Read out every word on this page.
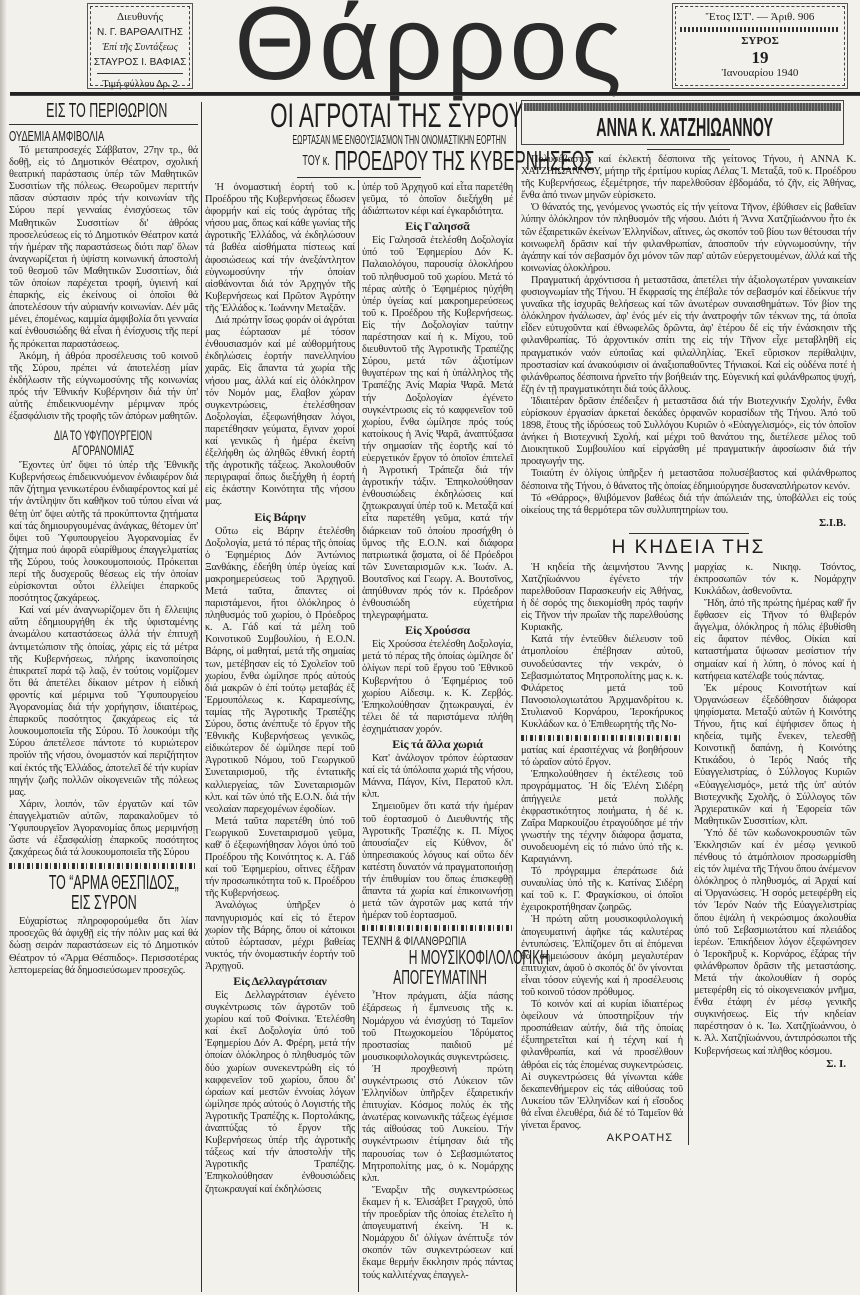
Διευθυνής
Ν. Γ. ΒΑΡΘΑΛΙΤΗΣ
Ἐπί τῆς Συντάξεως
ΣΤΑΥΡΟΣ Ι. ΒΑΦΙΑΣ
Τιμή φύλλου Δρ. 2 Θάρρος	Ἔτος ΙΣΤ'. — Ἀριθ. 906
ΣΥΡΟΣ
19
Ἰανουαρίου 1940
ΕΙΣ ΤΟ ΠΕΡΙΘΩΡΙΟΝ
ΟΥΔΕΜΙΑ ΑΜΦΙΒΟΛΙΑ

Τό μεταπροσεχές Σάββατον, 27ην τρ., θά δοθῇ, εἰς τό Δημοτικόν Θέατρον, σχολική θεατρική παράστασις ὑπέρ τῶν Μαθητικῶν Συσσιτίων τῆς πόλεως. Θεωροῦμεν περιττήν πᾶσαν σύστασιν πρός τήν κοινωνίαν τῆς Σύρου περί γενναίας ἐνισχύσεως τῶν Μαθητικῶν Συσσιτίων δι' ἀθρόας προσελεύσεως εἰς τό Δημοτικόν Θέατρον κατά τήν ἡμέραν τῆς παραστάσεως διότι παρ' ὅλων ἀναγνωρίζεται ἡ ὑψίστη κοινωνική ἀποστολή τοῦ θεσμοῦ τῶν Μαθητικῶν Συσσιτίων, διά τῶν ὁποίων παρέχεται τροφή, ὑγιεινή καί ἐπαρκής, εἰς ἐκείνους οἱ ὁποῖοι θά ἀποτελέσουν τήν αὐριανήν κοινωνίαν. Δέν μᾶς μένει, ἐπομένως, καμμία ἀμφιβολία ὅτι γενναία καί ἐνθουσιώδης θά εἶναι ἡ ἐνίσχυσις τῆς περί ἧς πρόκειται παραστάσεως.

Ἀκόμη, ἡ ἀθρόα προσέλευσις τοῦ κοινοῦ τῆς Σύρου, πρέπει νά ἀποτελέσῃ μίαν ἐκδήλωσιν τῆς εὐγνωμοσύνης τῆς κοινωνίας πρός τήν Ἐθνικήν Κυβέρνησιν διά τήν ὑπ' αὐτῆς ἐπιδεικνυομένην μέριμναν πρός ἐξασφάλισιν τῆς τροφῆς τῶν ἀπόρων μαθητῶν.

ΔΙΑ ΤΟ ΥΦΥΠΟΥΡΓΕΙΟΝ
ΑΓΟΡΑΝΟΜΙΑΣ

Ἔχοντες ὑπ' ὄψει τό ὑπέρ τῆς Ἐθνικῆς Κυβερνήσεως ἐπιδεικνυόμενον ἐνδιαφέρον διά πᾶν ζήτημα γενικωτέρου ἐνδιαφέροντος καί μέ τήν ἀντίληψιν ὅτι καθῆκον τοῦ τύπου εἶναι νά θέτῃ ὑπ' ὄψει αὐτῆς τά προκύπτοντα ζητήματα καί τάς δημιουργουμένας ἀνάγκας, θέτομεν ὑπ' ὄψει τοῦ Ὑφυπουργείου Ἀγορανομίας ἕν ζήτημα πού ἀφορᾶ εὐαρίθμους ἐπαγγελματίας τῆς Σύρου, τούς λουκουμοποιούς. Πρόκειται περί τῆς δυσχεροῦς θέσεως εἰς τήν ὁποίαν εὑρίσκονται οὗτοι ἐλλείψει ἐπαρκοῦς ποσότητος ζακχάρεως.

Καί ναί μέν ἀναγνωρίζομεν ὅτι ἡ ἔλλειψις αὕτη ἐδημιουργήθη ἐκ τῆς ὑφισταμένης ἀνωμάλου καταστάσεως ἀλλά τήν ἐπιτυχῆ ἀντιμετώπισιν τῆς ὁποίας, χάρις εἰς τά μέτρα τῆς Κυβερνήσεως, πλήρης ἱκανοποίησις ἐπικρατεῖ παρά τῷ λαῷ, ἐν τούτοις νομίζομεν ὅτι θά ἀπετέλει δίκαιον μέτρον ἡ εἰδική φροντίς καί μέριμνα τοῦ Ὑφυπουργείου Ἀγορανομίας διά τήν χορήγησιν, ἰδιαιτέρως, ἐπαρκοῦς ποσότητος ζακχάρεως εἰς τά λουκουμοποιεῖα τῆς Σύρου. Τό λουκούμι τῆς Σύρου ἀπετέλεσε πάντοτε τό κυριώτερον προϊόν τῆς νήσου, ὀνομαστόν καί περιζήτητον καί ἐκτός τῆς Ἑλλάδος, ἀποτελεῖ δέ τήν κυρίαν πηγήν ζωῆς πολλῶν οἰκογενειῶν τῆς πόλεως μας.

Χάριν, λοιπόν, τῶν ἐργατῶν καί τῶν ἐπαγγελματιῶν αὐτῶν, παρακαλοῦμεν τό Ὑφυπουργεῖον Ἀγορανομίας ὅπως μεριμνήσῃ ὥστε νά ἐξασφαλίσῃ ἐπαρκοῦς ποσότητος ζακχάρεως διά τά λουκουμοποιεῖα τῆς Σύρου

ΤΟ “ΑΡΜΑ ΘΕΣΠΙΔΟΣ„
ΕΙΣ ΣΥΡΟΝ

Εὐχαρίστως πληροφορούμεθα ὅτι λίαν προσεχῶς θά ἀφιχθῇ εἰς τήν πόλιν μας καί θά δώσῃ σειράν παραστάσεων εἰς τό Δημοτικόν Θέατρον τό «Ἅρμα Θέσπιδος». Περισσοτέρας λεπτομερείας θά δημοσιεύσωμεν προσεχῶς.

ΟΙ ΑΓΡΟΤΑΙ ΤΗΣ ΣΥΡΟΥ
ΕΩΡΤΑΣΑΝ ΜΕ ΕΝΘΟΥΣΙΑΣΜΟΝ ΤΗΝ ΟΝΟΜΑΣΤΙΚΗΝ ΕΟΡΤΗΝ
$^{TO\Upsilon \kappa.}$ ΠΡΟΕΔΡΟΥ ΤΗΣ ΚΥΒΕΡΝΗΣΕΩΣ

Ἡ ὀνομαστική ἑορτή τοῦ κ. Προέδρου τῆς Κυβερνήσεως ἔδωσεν ἀφορμήν καί εἰς τούς ἀγρότας τῆς νήσου μας, ὅπως καί κάθε γωνίας τῆς ἀγροτικῆς Ἑλλάδος, νά ἐκδηλώσουν τά βαθέα αἰσθήματα πίστεως καί ἀφοσιώσεως καί τήν ἀνεξάντλητον εὐγνωμοσύνην τήν ὁποίαν αἰσθάνονται διά τόν Ἀρχηγόν τῆς Κυβερνήσεως καί Πρῶτον Ἀγρότην τῆς Ἑλλάδος κ. Ἰωάννην Μεταξᾶν.

Διά πρώτην ἴσως φοράν οἱ ἀγρόται μας ἑώρτασαν μέ τόσον ἐνθουσιασμόν καί μέ αὐθορμήτους ἐκδηλώσεις ἑορτήν πανελληνίου χαρᾶς. Εἰς ἅπαντα τά χωρία τῆς νήσου μας, ἀλλά καί εἰς ὁλόκληρον τόν Νομόν μας, ἔλαβον χώραν συγκεντρώσεις, ἐτελέσθησαν Δοξολογίαι, ἐξεφωνήθησαν λόγοι, παρετέθησαν γεύματα, ἔγιναν χοροί καί γενικῶς ἡ ἡμέρα ἐκείνη ἐξελήφθη ὡς ἀληθῶς ἐθνική ἑορτή τῆς ἀγροτικῆς τάξεως. Ἀκολουθοῦν περιγραφαί ὅπως διεξήχθη ἡ ἑορτή εἰς ἑκάστην Κοινότητα τῆς νήσου μας.

Εἰς Βάρην

Οὕτω εἰς Βάρην ἐτελέσθη Δοξολογία, μετά τό πέρας τῆς ὁποίας ὁ Ἐφημέριος Δόν Ἀντώνιος Ξανθάκης, ἐδεήθη ὑπέρ ὑγείας καί μακροημερεύσεως τοῦ Ἀρχηγοῦ. Μετά ταῦτα, ἅπαντες οἱ παριστάμενοι, ἤτοι ὁλόκληρος ὁ πληθυσμός τοῦ χωρίου, ὁ Πρόεδρος κ. Α. Γάδ καί τά μέλη τοῦ Κοινοτικοῦ Συμβουλίου, ἡ Ε.Ο.Ν. Βάρης, οἱ μαθηταί, μετά τῆς σημαίας των, μετέβησαν εἰς τό Σχολεῖον τοῦ χωρίου, ἔνθα ὡμίλησε πρός αὐτούς διά μακρῶν ὁ ἐπί τούτῳ μεταβάς ἐξ Ἑρμουπόλεως κ. Καραμεσίνης, ταμίας τῆς Ἀγροτικῆς Τραπέζης Σύρου, ὅστις ἀνέπτυξε τό ἔργον τῆς Ἐθνικῆς Κυβερνήσεως γενικῶς, εἰδικώτερον δέ ὡμίλησε περί τοῦ Ἀγροτικοῦ Νόμου, τοῦ Γεωργικοῦ Συνεταιρισμοῦ, τῆς ἐντατικῆς καλλιεργείας, τῶν Συνεταιρισμῶν κλπ. καί τῶν ὑπό τῆς Ε.Ο.Ν. διά τήν νεολαίαν παρεχομένων ἐφοδίων.

Μετά ταῦτα παρετέθη ὑπό τοῦ Γεωργικοῦ Συνεταιρισμοῦ γεῦμα, καθ' ὅ ἐξεφωνήθησαν λόγοι ὑπό τοῦ Προέδρου τῆς Κοινότητος κ. Α. Γάδ καί τοῦ Ἐφημερίου, οἵτινες ἐξῆραν τήν προσωπικότητα τοῦ κ. Προέδρου τῆς Κυβερνήσεως.

Ἀναλόγως ὑπῆρξεν ὁ πανηγυρισμός καί εἰς τό ἕτερον χωρίον τῆς Βάρης, ὅπου οἱ κάτοικοι αὐτοῦ ἑώρτασαν, μέχρι βαθείας νυκτός, τήν ὀνομαστικήν ἑορτήν τοῦ Ἀρχηγοῦ.

Εἰς Δελλαγράτσιαν

Εἰς Δελλαγράτσιαν ἐγένετο συγκέντρωσις τῶν ἀγροτῶν τοῦ χωρίου καί τοῦ Φοίνικα. Ἐτελέσθη καί ἐκεῖ Δοξολογία ὑπό τοῦ Ἐφημερίου Δόν Α. Φρέρη, μετά τήν ὁποίαν ὁλόκληρος ὁ πληθυσμός τῶν δύο χωρίων συνεκεντρώθη εἰς τό καφφενεῖον τοῦ χωρίου, ὅπου δι' ὡραίων καί μεστῶν ἐννοίας λόγων ὡμίλησε πρός αὐτούς ὁ Λογιστής τῆς Ἀγροτικῆς Τραπέζης κ. Πορτολάκης, ἀναπτύξας τό ἔργον τῆς Κυβερνήσεως ὑπέρ τῆς ἀγροτικῆς τάξεως καί τήν ἀποστολήν τῆς Ἀγροτικῆς Τραπέζης. Ἐπηκολούθησαν ἐνθουσιώδεις ζητωκραυγαί καί ἐκδηλώσεις

ὑπέρ τοῦ Ἀρχηγοῦ καί εἶτα παρετέθη γεῦμα, τό ὁποῖον διεξήχθη μέ ἀδιάπτωτον κέφι καί ἐγκαρδιότητα.

Εἰς Γαλησσᾶ

Εἰς Γαλησσᾶ ἐτελέσθη Δοξολογία ὑπό τοῦ Ἐφημερίου Δόν Κ. Παλαιολόγου, παρουσίᾳ ὁλοκλήρου τοῦ πληθυσμοῦ τοῦ χωρίου. Μετά τό πέρας αὐτῆς ὁ Ἐφημέριος ηὐχήθη ὑπέρ ὑγείας καί μακροημερεύσεως τοῦ κ. Προέδρου τῆς Κυβερνήσεως. Εἰς τήν Δοξολογίαν ταύτην παρέστησαν καί ἡ κ. Μίχου, τοῦ διευθυντοῦ τῆς Ἀγροτικῆς Τραπέζης Σύρου, μετά τῶν ἀξιοτίμων θυγατέρων της καί ἡ ὑπάλληλος τῆς Τραπέζης Ἀνίς Μαρία Ψαρᾶ. Μετά τήν Δοξολογίαν ἐγένετο συγκέντρωσις εἰς τό καφφενεῖον τοῦ χωρίου, ἔνθα ὡμίλησε πρός τούς κατοίκους ἡ Ἀνίς Ψαρᾶ, ἀναπτύξασα τήν σημασίαν τῆς ἑορτῆς καί τό εὐεργετικόν ἔργον τό ὁποῖον ἐπιτελεῖ ἡ Ἀγροτική Τράπεζα διά τήν ἀγροτικήν τάξιν. Ἐπηκολούθησαν ἐνθουσιώδεις ἐκδηλώσεις καί ζητωκραυγαί ὑπέρ τοῦ κ. Μεταξᾶ καί εἶτα παρετέθη γεῦμα, κατά τήν διάρκειαν τοῦ ὁποίου προσήχθη ὁ ὕμνος τῆς Ε.Ο.Ν. καί διάφορα πατριωτικά ᾄσματα, οἱ δέ Πρόεδροι τῶν Συνεταιρισμῶν κ.κ. Ἰωάν. Α. Βουτσῖνος καί Γεωργ. Α. Βουτσῖνος, ἀπηύθυναν πρός τόν κ. Πρόεδρον ἐνθουσιώδη εὐχετήρια τηλεγραφήματα.

Εἰς Χρούσσα

Εἰς Χρούσσα ἐτελέσθη Δοξολογία, μετά τό πέρας τῆς ὁποίας ὡμίλησε δι' ὀλίγων περί τοῦ ἔργου τοῦ Ἐθνικοῦ Κυβερνήτου ὁ Ἐφημέριος τοῦ χωρίου Αἰδεσιμ. κ. Κ. Ζερβός. Ἐπηκολούθησαν ζητωκραυγαί, ἐν τέλει δέ τά παριστάμενα πλήθη ἐσχημάτισαν χορόν.

Εἰς τά ἄλλα χωριά

Κατ' ἀνάλογον τρόπον ἑώρτασαν καί εἰς τά ὑπόλοιπα χωριά τῆς νήσου, Μάννα, Πάγον, Κίνι, Περατοῦ κλπ. κλπ.

Σημειοῦμεν ὅτι κατά τήν ἡμέραν τοῦ ἑορτασμοῦ ὁ Διευθυντής τῆς Ἀγροτικῆς Τραπέζης κ. Π. Μίχος ἀπουσίαζεν εἰς Κύθνον, δι' ὑπηρεσιακούς λόγους καί οὕτω δέν κατέστη δυνατόν νά πραγματοποιήσῃ τήν ἐπιθυμίαν του ὅπως ἐπισκεφθῇ ἅπαντα τά χωρία καί ἐπικοινωνήσῃ μετά τῶν ἀγροτῶν μας κατά τήν ἡμέραν τοῦ ἑορτασμοῦ.

ΤΕΧΝΗ & ΦΙΛΑΝΘΡΩΠΙΑ
Η ΜΟΥΣΙΚΟΦΙΛΟΛΟΓΙΚΗ
ΑΠΟΓΕΥΜΑΤΙΝΗ

Ἦτον πράγματι, ἀξία πάσης ἐξάρσεως ἡ ἔμπνευσις τῆς κ. Νομάρχου νά ἐνισχύσῃ τό Ταμεῖον τοῦ Πτωχοκομείου Ἱδρύματος προστασίας παιδιοῦ μέ μουσικοφιλολογικάς συγκεντρώσεις.

Ἡ προχθεσινή πρώτη συγκέντρωσις στό Λύκειον τῶν Ἑλληνίδων ὑπῆρξεν ἐξαιρετικήν ἐπιτυχίαν. Κόσμος πολύς ἐκ τῆς ἀνωτέρας κοινωνικῆς τάξεως ἐγέμισε τάς αἰθούσας τοῦ Λυκείου. Τήν συγκέντρωσιν ἐτίμησαν διά τῆς παρουσίας των ὁ Σεβασμιώτατος Μητροπολίτης μας, ὁ κ. Νομάρχης κλπ.

Ἔναρξιν τῆς συγκεντρώσεως ἔκαμεν ἡ κ. Ἐλισάβετ Γραγχοῦ, ὑπό τήν προεδρίαν τῆς ὁποίας ἐτελεῖτο ἡ ἀπογευματινή ἐκείνη. Ἡ κ. Νομάρχου δι' ὀλίγων ἀνέπτυξε τόν σκοπόν τῶν συγκεντρώσεων καί ἔκαμε θερμήν ἔκκλησιν πρός πάντας τούς καλλιτέχνας ἐπαγγελ-

ΑΝΝΑ Κ. ΧΑΤΖΗΙΩΑΝΝΟΥ

Πολυσέβαστος καί ἐκλεκτή δέσποινα τῆς γείτονος Τήνου, ἡ ΑΝΝΑ Κ. ΧΑΤΖΗΙΩΑΝΝΟΥ, μήτηρ τῆς ἐριτίμου κυρίας Λέλας Ἰ. Μεταξᾶ, τοῦ κ. Προέδρου τῆς Κυβερνήσεως, ἐξεμέτρησε, τήν παρελθοῦσαν ἑβδομάδα, τό ζῆν, εἰς Ἀθήνας, ἔνθα ἀπό τινων μηνῶν εὑρίσκετο.

Ὁ θάνατός της, γενόμενος γνωστός εἰς τήν γείτονα Τῆνον, ἐβύθισεν εἰς βαθεῖαν λύπην ὁλόκληρον τόν πληθυσμόν τῆς νήσου. Διότι ἡ Ἄννα Χατζηϊωάννου ἦτο ἐκ τῶν ἐξαιρετικῶν ἐκείνων Ἑλληνίδων, αἵτινες, ὡς σκοπόν τοῦ βίου των θέτουσαι τήν κοινωφελῆ δρᾶσιν καί τήν φιλανθρωπίαν, ἀποσποῦν τήν εὐγνωμοσύνην, τήν ἀγάπην καί τόν σεβασμόν ὄχι μόνον τῶν παρ' αὐτῶν εὐεργετουμένων, ἀλλά καί τῆς κοινωνίας ὁλοκλήρου.

Πραγματική ἀρχόντισσα ἡ μεταστᾶσα, ἀπετέλει τήν ἀξιολογωτέραν γυναικείαν φυσιογνωμίαν τῆς Τήνου. Ἡ ἔκφρασίς της ἐπέβαλε τόν σεβασμόν καί ἐδείκνυε τήν γυναῖκα τῆς ἰσχυρᾶς θελήσεως καί τῶν ἀνωτέρων συναισθημάτων. Τόν βίον της ὁλόκληρον ἠνάλωσεν, ἀφ' ἑνός μέν εἰς τήν ἀνατροφήν τῶν τέκνων της, τά ὁποῖα εἶδεν εὐτυχοῦντα καί ἐθνωφελῶς δρῶντα, ἀφ' ἑτέρου δέ εἰς τήν ἐνάσκησιν τῆς φιλανθρωπίας. Τό ἀρχοντικόν σπίτι της εἰς τήν Τῆνον εἶχε μεταβληθῆ εἰς πραγματικόν ναόν εὐποιΐας καί φιλαλληλίας. Ἐκεῖ εὕρισκον περίθαλψιν, προστασίαν καί ἀνακούφισιν οἱ ἀναξιοπαθοῦντες Τήνιακοί. Καί εἰς οὐδένα ποτέ ἡ φιλάνθρωπος δέσποινα ἠρνεῖτο τήν βοήθειάν της. Εὐγενική καί φιλάνθρωπος ψυχή, ἔζη ἐν τῇ πραγματικότητι διά τούς ἄλλους.

Ἰδιαιτέραν δρᾶσιν ἐπέδειξεν ἡ μεταστᾶσα διά τήν Βιοτεχνικήν Σχολήν, ἔνθα εὑρίσκουν ἐργασίαν ἀρκεταί δεκάδες ὀρφανῶν κορασίδων τῆς Τήνου. Ἀπό τοῦ 1898, ἔτους τῆς ἱδρύσεως τοῦ Συλλόγου Κυριῶν ὁ «Εὐαγγελισμός», εἰς τόν ὁποῖον ἀνήκει ἡ Βιοτεχνική Σχολή, καί μέχρι τοῦ θανάτου της, διετέλεσε μέλος τοῦ Διοικητικοῦ Συμβουλίου καί εἰργάσθη μέ πραγματικήν ἀφοσίωσιν διά τήν προαγωγήν της.

Τοιαύτη ἐν ὀλίγοις ὑπῆρξεν ἡ μεταστᾶσα πολυσέβαστος καί φιλάνθρωπος δέσποινα τῆς Τήνου, ὁ θάνατος τῆς ὁποίας ἐδημιούργησε δυσαναπλήρωτον κενόν.

Τό «Θάρρος», θλιβόμενον βαθέως διά τήν ἀπώλειάν της, ὑποβάλλει εἰς τούς οἰκείους της τά θερμότερα τῶν συλλυπητηρίων του.

Σ.Ι.Β.
Η ΚΗΔΕΙΑ ΤΗΣ

Ἡ κηδεία τῆς ἀειμνήστου Ἄννης Χατζηϊωάννου ἐγένετο τήν παρελθοῦσαν Παρασκευήν εἰς Ἀθήνας, ἡ δέ σορός της διεκομίσθη πρός ταφήν εἰς Τῆνον τήν πρωΐαν τῆς παρελθούσης Κυριακῆς.

Κατά τήν ἐντεῦθεν διέλευσιν τοῦ ἀτμοπλοίου ἐπέβησαν αὐτοῦ, συνοδεύσαντες τήν νεκράν, ὁ Σεβασμιώτατος Μητροπολίτης μας κ. κ. Φιλάρετος μετά τοῦ Πανοσιολογιωτάτου Ἀρχιμανδρίτου κ. Στυλιανοῦ Κορνάρου, Ἱεροκήρυκος Κυκλάδων κα. ὁ Ἐπιθεωρητής τῆς Νο-

ματίας καί ἐρασιτέχνας νά βοηθήσουν τό ὡραῖον αὐτό ἔργον.

Ἐπηκολούθησεν ἡ ἐκτέλεσις τοῦ προγράμματος. Ἡ δίς Ἐλένη Σιδέρη ἀπήγγειλε μετά πολλῆς ἐκφραστικότητος ποιήματα, ἡ δέ κ. Ζαΐρα Μαρκουίζου ἐτραγούδησε μέ τήν γνωστήν της τέχνην διάφορα ᾄσματα, συνοδευομένη εἰς τό πιάνο ὑπό τῆς κ. Καραγιάννη.

Τό πρόγραμμα ἐπεράτωσε διά συναυλίας ὑπό τῆς κ. Κατίνας Σιδέρη καί τοῦ κ. Γ. Φραγκίσκου, οἱ ὁποῖοι ἐχειροκροτήθησαν ζωηρῶς.

Ἡ πρώτη αὕτη μουσικοφιλολογική ἀπογευματινή ἀφῆκε τάς καλυτέρας ἐντυπώσεις. Ἐλπίζομεν ὅτι αἱ ἑπόμεναι θά σημειώσουν ἀκόμη μεγαλυτέραν ἐπιτυχίαν, ἀφοῦ ὁ σκοπός δι' ὅν γίνονται εἶναι τόσον εὐγενής καί ἡ προσέλευσις τοῦ κοινοῦ τόσον πρόθυμος.

Τό κοινόν καί αἱ κυρίαι ἰδιαιτέρως ὀφείλουν νά ὑποστηρίξουν τήν προσπάθειαν αὐτήν, διά τῆς ὁποίας ἐξυπηρετεῖται καί ἡ τέχνη καί ἡ φιλανθρωπία, καί νά προσέλθουν ἀθρόαι εἰς τάς ἑπομένας συγκεντρώσεις. Αἱ συγκεντρώσεις θά γίνωνται κάθε δεκαπενθήμερον εἰς τάς αἰθούσας τοῦ Λυκείου τῶν Ἑλληνίδων καί ἡ εἴσοδος θά εἶναι ἐλευθέρα, διά δέ τό Ταμεῖον θά γίνεται ἔρανος.

ΑΚΡΟΑΤΗΣ

μαρχίας κ. Νικηφ. Τσόντος, ἐκπροσωπῶν τόν κ. Νομάρχην Κυκλάδων, ἀσθενοῦντα.

Ἤδη, ἀπό τῆς πρώτης ἡμέρας καθ' ἥν ἔφθασεν εἰς Τῆνον τό θλιβερόν ἄγγελμα, ὁλόκληρος ἡ πόλις ἐβυθίσθη εἰς ἄφατον πένθος. Οἰκίαι καί καταστήματα ὕψωσαν μεσίστιον τήν σημαίαν καί ἡ λύπη, ὁ πόνος καί ἡ κατήφεια κατέλαβε τούς πάντας.

Ἐκ μέρους Κοινοτήτων καί Ὀργανώσεων ἐξεδόθησαν διάφορα ψηφίσματα. Μεταξύ αὐτῶν ἡ Κοινότης Τήνου, ἥτις καί ἐψήφισεν ὅπως ἡ κηδεία, τιμῆς ἕνεκεν, τελεσθῇ Κοινοτικῇ δαπάνῃ, ἡ Κοινότης Κτικάδου, ὁ Ἱερός Ναός τῆς Εὐαγγελιστρίας, ὁ Σύλλογος Κυριῶν «Εὐαγγελισμός», μετά τῆς ὑπ' αὐτόν Βιοτεχνικῆς Σχολῆς, ὁ Σύλλογος τῶν Ἀρχιερατικῶν καί ἡ Ἐφορεία τῶν Μαθητικῶν Συσσιτίων, κλπ.

Ὑπό δέ τῶν κωδωνοκρουσιῶν τῶν Ἐκκλησιῶν καί ἐν μέσῳ γενικοῦ πένθους τό ἀτμόπλοιον προσωρμίσθη εἰς τόν λιμένα τῆς Τήνου ὅπου ἀνέμενον ὁλόκληρος ὁ πληθυσμός, αἱ Ἀρχαί καί αἱ Ὀργανώσεις. Ἡ σορός μετεφέρθη εἰς τόν Ἱερόν Ναόν τῆς Εὐαγγελιστρίας ὅπου ἐψάλη ἡ νεκρώσιμος ἀκολουθία ὑπό τοῦ Σεβασμιωτάτου καί πλειάδος ἱερέων. Ἐπικήδειον λόγον ἐξεφώνησεν ὁ Ἱεροκῆρυξ κ. Κορνάρος, ἐξάρας τήν φιλάνθρωπον δρᾶσιν τῆς μεταστάσης. Μετά τήν ἀκολουθίαν ἡ σορός μετεφέρθη εἰς τό οἰκογενειακόν μνῆμα, ἔνθα ἐτάφη ἐν μέσῳ γενικῆς συγκινήσεως. Εἰς τήν κηδείαν παρέστησαν ὁ κ. Ἰω. Χατζηϊωάννου, ὁ κ. Ἀλ. Χατζηϊωάννου, ἀντιπρόσωποι τῆς Κυβερνήσεως καί πλῆθος κόσμου.

Σ. Ι.
